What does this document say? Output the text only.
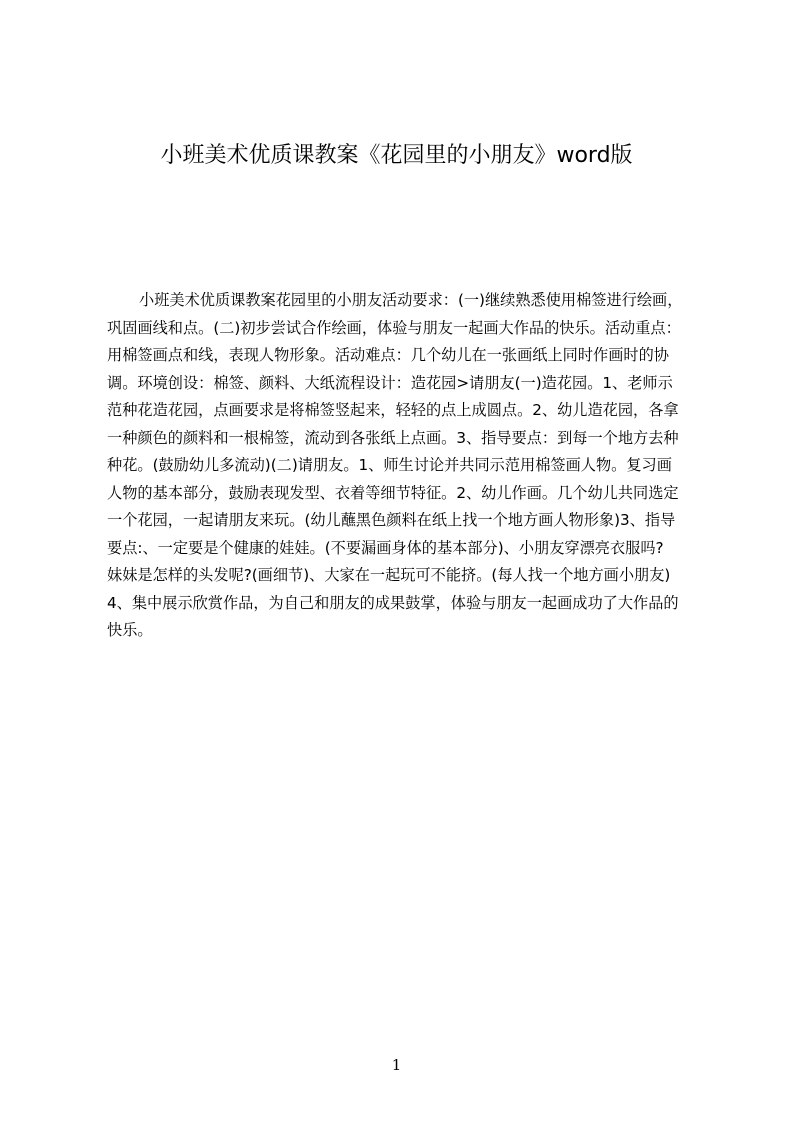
小班美术优质课教案《花园里的小朋友》word版
小班美术优质课教案花园里的小朋友活动要求：(一)继续熟悉使用棉签进行绘画，
巩固画线和点。(二)初步尝试合作绘画，体验与朋友一起画大作品的快乐。活动重点：
用棉签画点和线，表现人物形象。活动难点：几个幼儿在一张画纸上同时作画时的协
调。环境创设：棉签、颜料、大纸流程设计：造花园>请朋友(一)造花园。1、老师示
范种花造花园，点画要求是将棉签竖起来，轻轻的点上成圆点。2、幼儿造花园，各拿
一种颜色的颜料和一根棉签，流动到各张纸上点画。3、指导要点：到每一个地方去种
种花。(鼓励幼儿多流动)(二)请朋友。1、师生讨论并共同示范用棉签画人物。复习画
人物的基本部分，鼓励表现发型、衣着等细节特征。2、幼儿作画。几个幼儿共同选定
一个花园，一起请朋友来玩。(幼儿蘸黑色颜料在纸上找一个地方画人物形象)3、指导
要点:、一定要是个健康的娃娃。(不要漏画身体的基本部分)、小朋友穿漂亮衣服吗?
妹妹是怎样的头发呢?(画细节)、大家在一起玩可不能挤。(每人找一个地方画小朋友)
4、集中展示欣赏作品，为自己和朋友的成果鼓掌，体验与朋友一起画成功了大作品的
快乐。
1
